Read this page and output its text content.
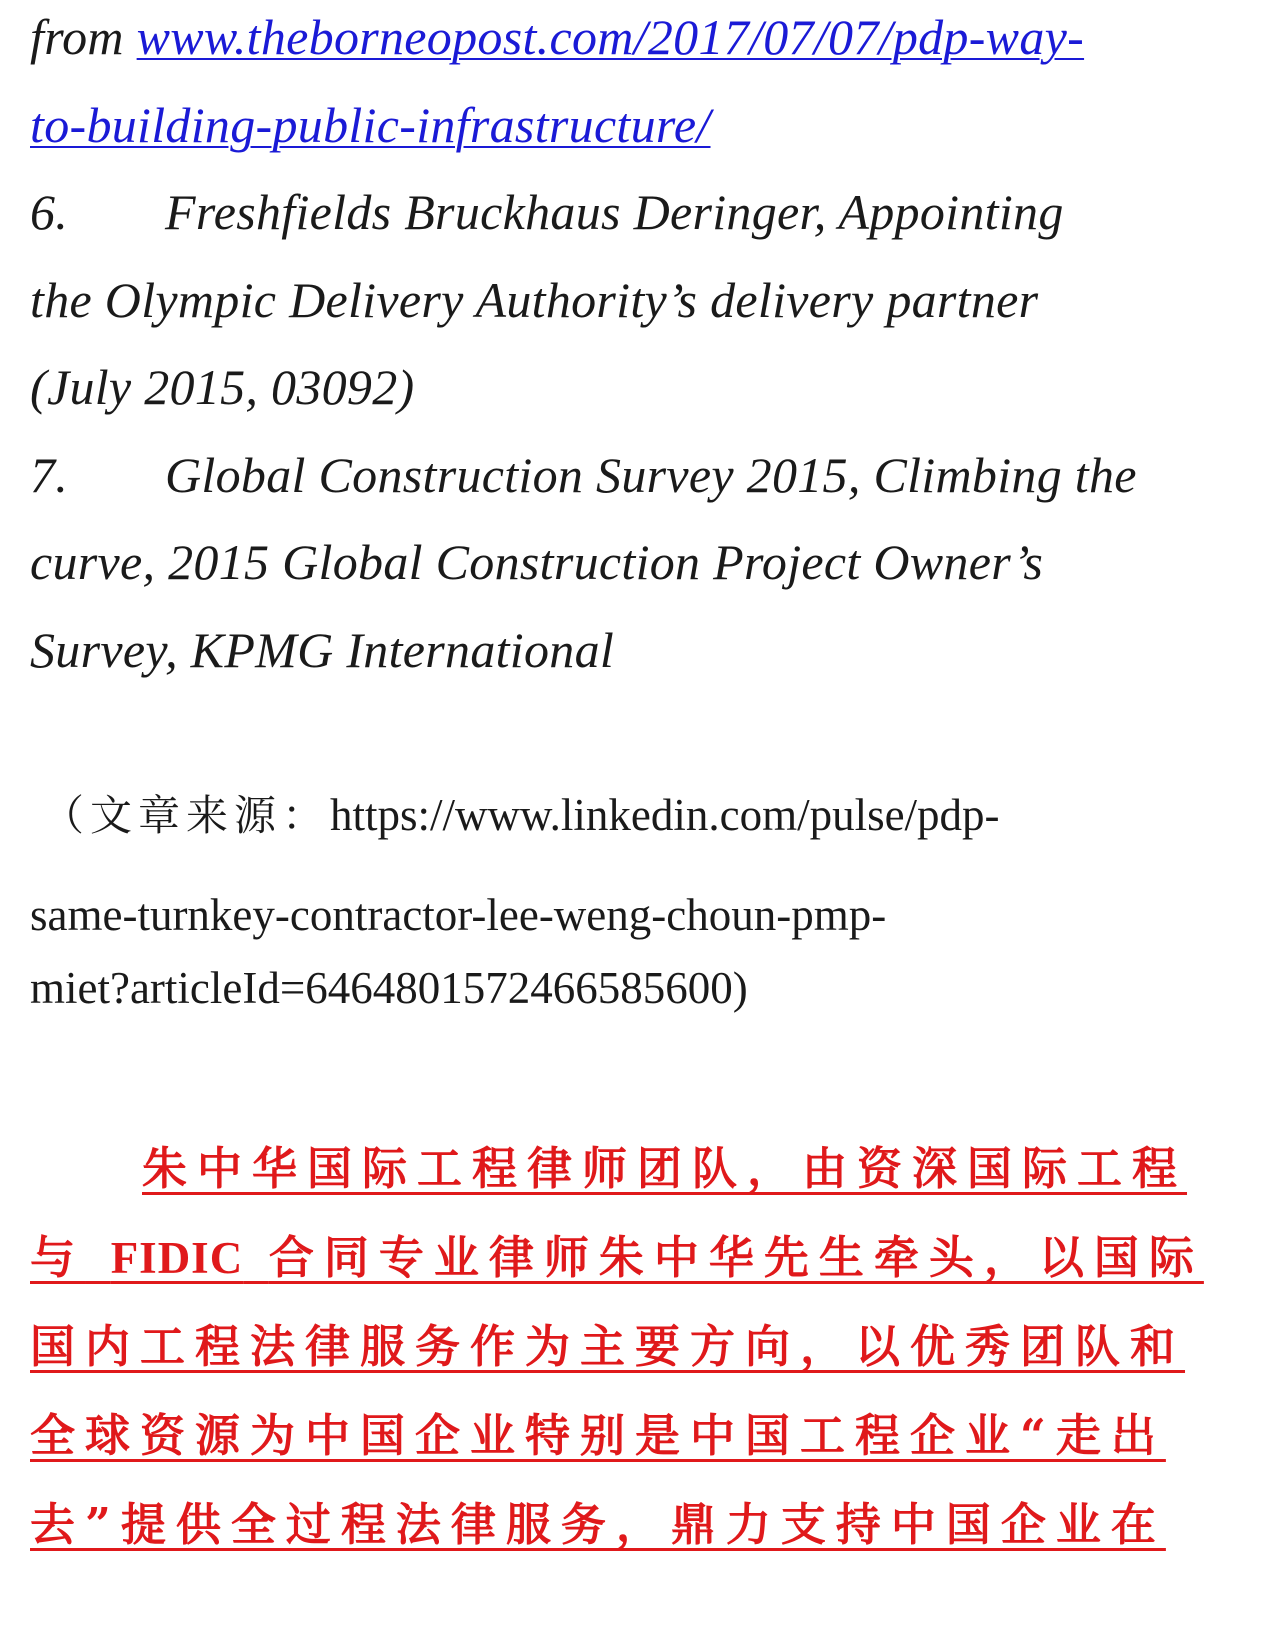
from www.theborneopost.com/2017/07/07/pdp-way-
to-building-public-infrastructure/
6. Freshfields Bruckhaus Deringer, Appointing
the Olympic Delivery Authority’s delivery partner
(July 2015, 03092)
7. Global Construction Survey 2015, Climbing the
curve, 2015 Global Construction Project Owner’s
Survey, KPMG International
（文章来源：https://www.linkedin.com/pulse/pdp-
same-turnkey-contractor-lee-weng-choun-pmp-
miet?articleId=6464801572466585600)
朱中华国际工程律师团队，由资深国际工程
与 FIDIC 合同专业律师朱中华先生牵头，以国际
国内工程法律服务作为主要方向，以优秀团队和
全球资源为中国企业特别是中国工程企业“走出
去”提供全过程法律服务，鼎力支持中国企业在
